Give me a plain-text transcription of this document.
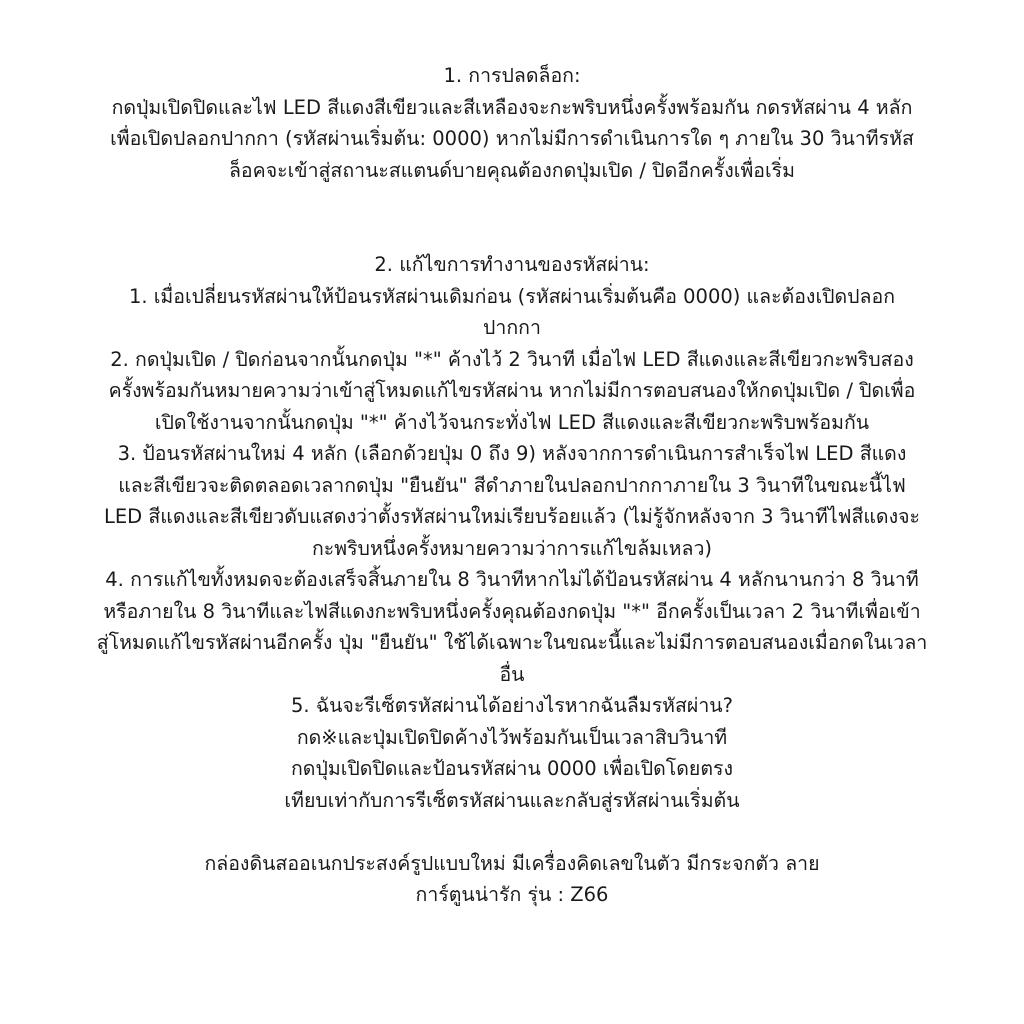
1. การปลดล็อก:
กดปุ่มเปิดปิดและไฟ LED สีแดงสีเขียวและสีเหลืองจะกะพริบหนึ่งครั้งพร้อมกัน กดรหัสผ่าน 4 หลัก
เพื่อเปิดปลอกปากกา (รหัสผ่านเริ่มต้น: 0000) หากไม่มีการดำเนินการใด ๆ ภายใน 30 วินาทีรหัส
ล็อคจะเข้าสู่สถานะสแตนด์บายคุณต้องกดปุ่มเปิด / ปิดอีกครั้งเพื่อเริ่ม
2. แก้ไขการทำงานของรหัสผ่าน:
1. เมื่อเปลี่ยนรหัสผ่านให้ป้อนรหัสผ่านเดิมก่อน (รหัสผ่านเริ่มต้นคือ 0000) และต้องเปิดปลอก
ปากกา
2. กดปุ่มเปิด / ปิดก่อนจากนั้นกดปุ่ม "*" ค้างไว้ 2 วินาที เมื่อไฟ LED สีแดงและสีเขียวกะพริบสอง
ครั้งพร้อมกันหมายความว่าเข้าสู่โหมดแก้ไขรหัสผ่าน หากไม่มีการตอบสนองให้กดปุ่มเปิด / ปิดเพื่อ
เปิดใช้งานจากนั้นกดปุ่ม "*" ค้างไว้จนกระทั่งไฟ LED สีแดงและสีเขียวกะพริบพร้อมกัน
3. ป้อนรหัสผ่านใหม่ 4 หลัก (เลือกด้วยปุ่ม 0 ถึง 9) หลังจากการดำเนินการสำเร็จไฟ LED สีแดง
และสีเขียวจะติดตลอดเวลากดปุ่ม "ยืนยัน" สีดำภายในปลอกปากกาภายใน 3 วินาทีในขณะนี้ไฟ
LED สีแดงและสีเขียวดับแสดงว่าตั้งรหัสผ่านใหม่เรียบร้อยแล้ว (ไม่รู้จักหลังจาก 3 วินาทีไฟสีแดงจะ
กะพริบหนึ่งครั้งหมายความว่าการแก้ไขล้มเหลว)
4. การแก้ไขทั้งหมดจะต้องเสร็จสิ้นภายใน 8 วินาทีหากไม่ได้ป้อนรหัสผ่าน 4 หลักนานกว่า 8 วินาที
หรือภายใน 8 วินาทีและไฟสีแดงกะพริบหนึ่งครั้งคุณต้องกดปุ่ม "*" อีกครั้งเป็นเวลา 2 วินาทีเพื่อเข้า
สู่โหมดแก้ไขรหัสผ่านอีกครั้ง ปุ่ม "ยืนยัน" ใช้ได้เฉพาะในขณะนี้และไม่มีการตอบสนองเมื่อกดในเวลา
อื่น
5. ฉันจะรีเซ็ตรหัสผ่านได้อย่างไรหากฉันลืมรหัสผ่าน?
กด※และปุ่มเปิดปิดค้างไว้พร้อมกันเป็นเวลาสิบวินาที
กดปุ่มเปิดปิดและป้อนรหัสผ่าน 0000 เพื่อเปิดโดยตรง
เทียบเท่ากับการรีเซ็ตรหัสผ่านและกลับสู่รหัสผ่านเริ่มต้น
กล่องดินสออเนกประสงค์รูปแบบใหม่ มีเครื่องคิดเลขในตัว มีกระจกตัว ลาย
การ์ตูนน่ารัก รุ่น : Z66
